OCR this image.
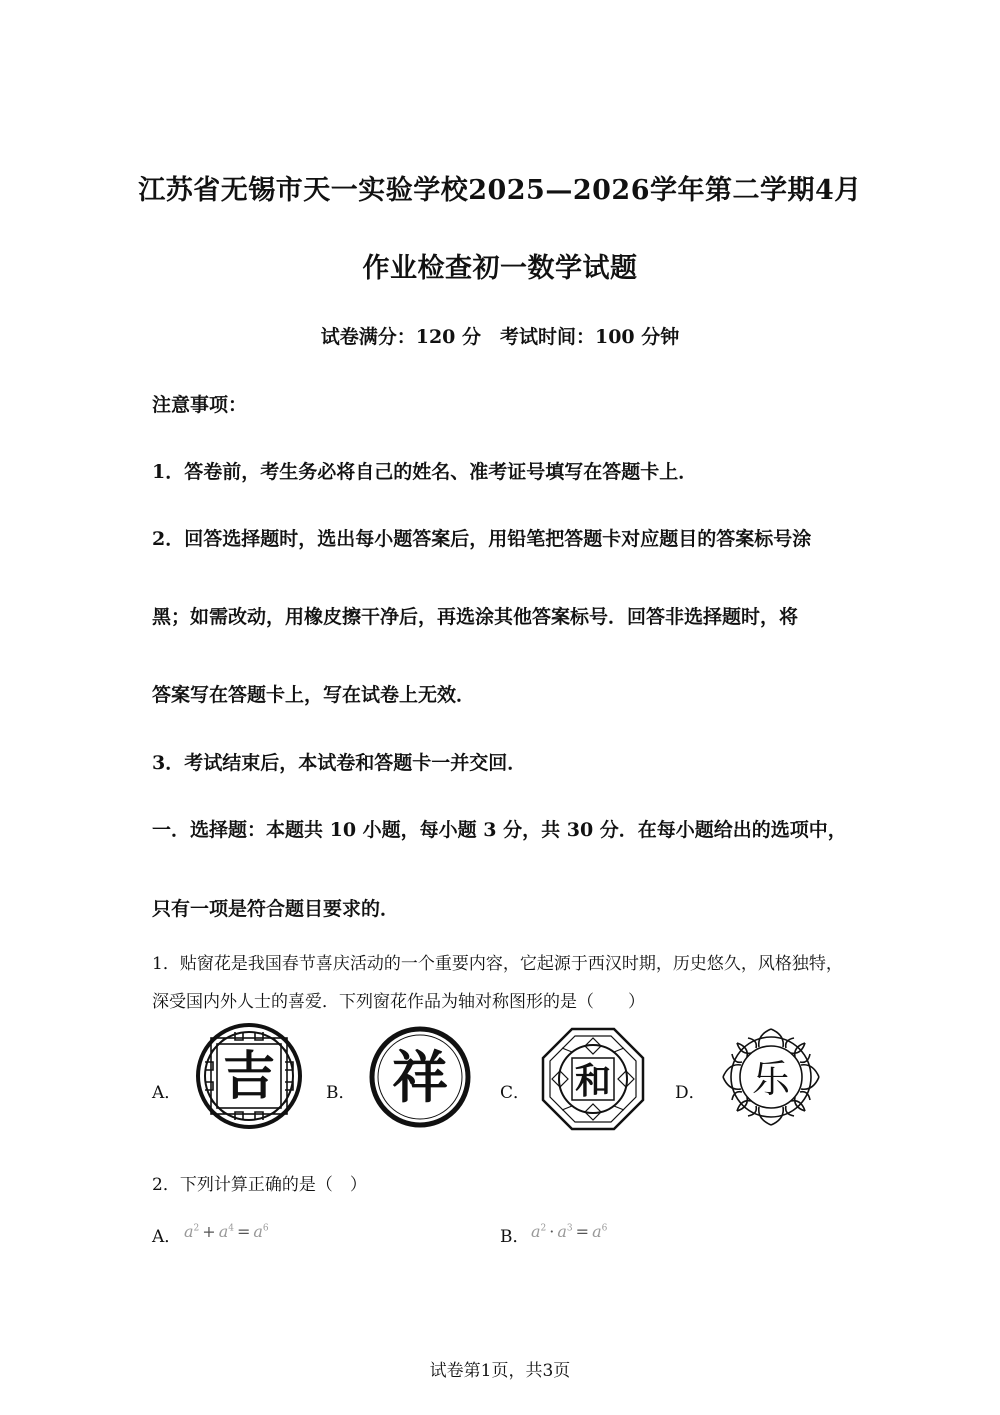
江苏省无锡市天一实验学校2025—2026学年第二学期4月
作业检查初一数学试题
试卷满分：120 分　考试时间：100 分钟
注意事项：
1．答卷前，考生务必将自己的姓名、准考证号填写在答题卡上．
2．回答选择题时，选出每小题答案后，用铅笔把答题卡对应题目的答案标号涂
黑；如需改动，用橡皮擦干净后，再选涂其他答案标号．回答非选择题时，将
答案写在答题卡上，写在试卷上无效．
3．考试结束后，本试卷和答题卡一并交回．
一．选择题：本题共 10 小题，每小题 3 分，共 30 分．在每小题给出的选项中，
只有一项是符合题目要求的．
1．贴窗花是我国春节喜庆活动的一个重要内容，它起源于西汉时期，历史悠久，风格独特，
深受国内外人士的喜爱．下列窗花作品为轴对称图形的是（　　）
A． 吉	B． 祥	C． 和	D． 乐
2．下列计算正确的是（　）
A． $a^2 + a^4 = a^6$	B． $a^2 \cdot a^3 = a^6$
试卷第1页，共3页
